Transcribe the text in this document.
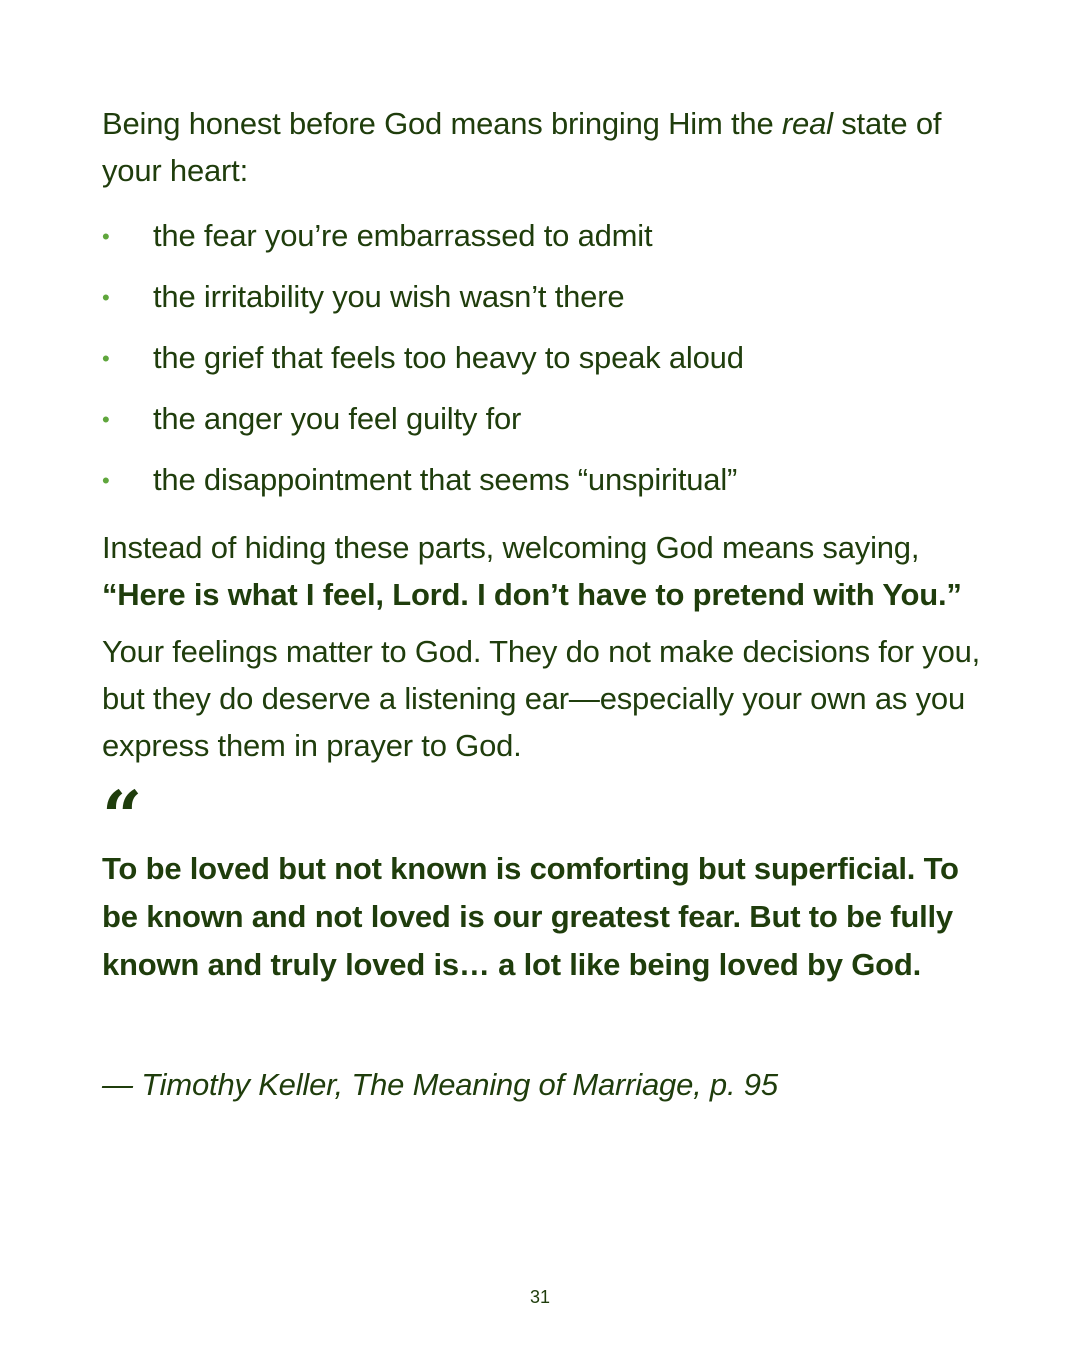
Being honest before God means bringing Him the real state of your heart:

• the fear you’re embarrassed to admit
• the irritability you wish wasn’t there
• the grief that feels too heavy to speak aloud
• the anger you feel guilty for
• the disappointment that seems “unspiritual”

Instead of hiding these parts, welcoming God means saying, “Here is what I feel, Lord. I don’t have to pretend with You.”

Your feelings matter to God. They do not make decisions for you, but they do deserve a listening ear—especially your own as you express them in prayer to God.

“

To be loved but not known is comforting but superficial. To be known and not loved is our greatest fear. But to be fully known and truly loved is… a lot like being loved by God.

— Timothy Keller, The Meaning of Marriage, p. 95
31
